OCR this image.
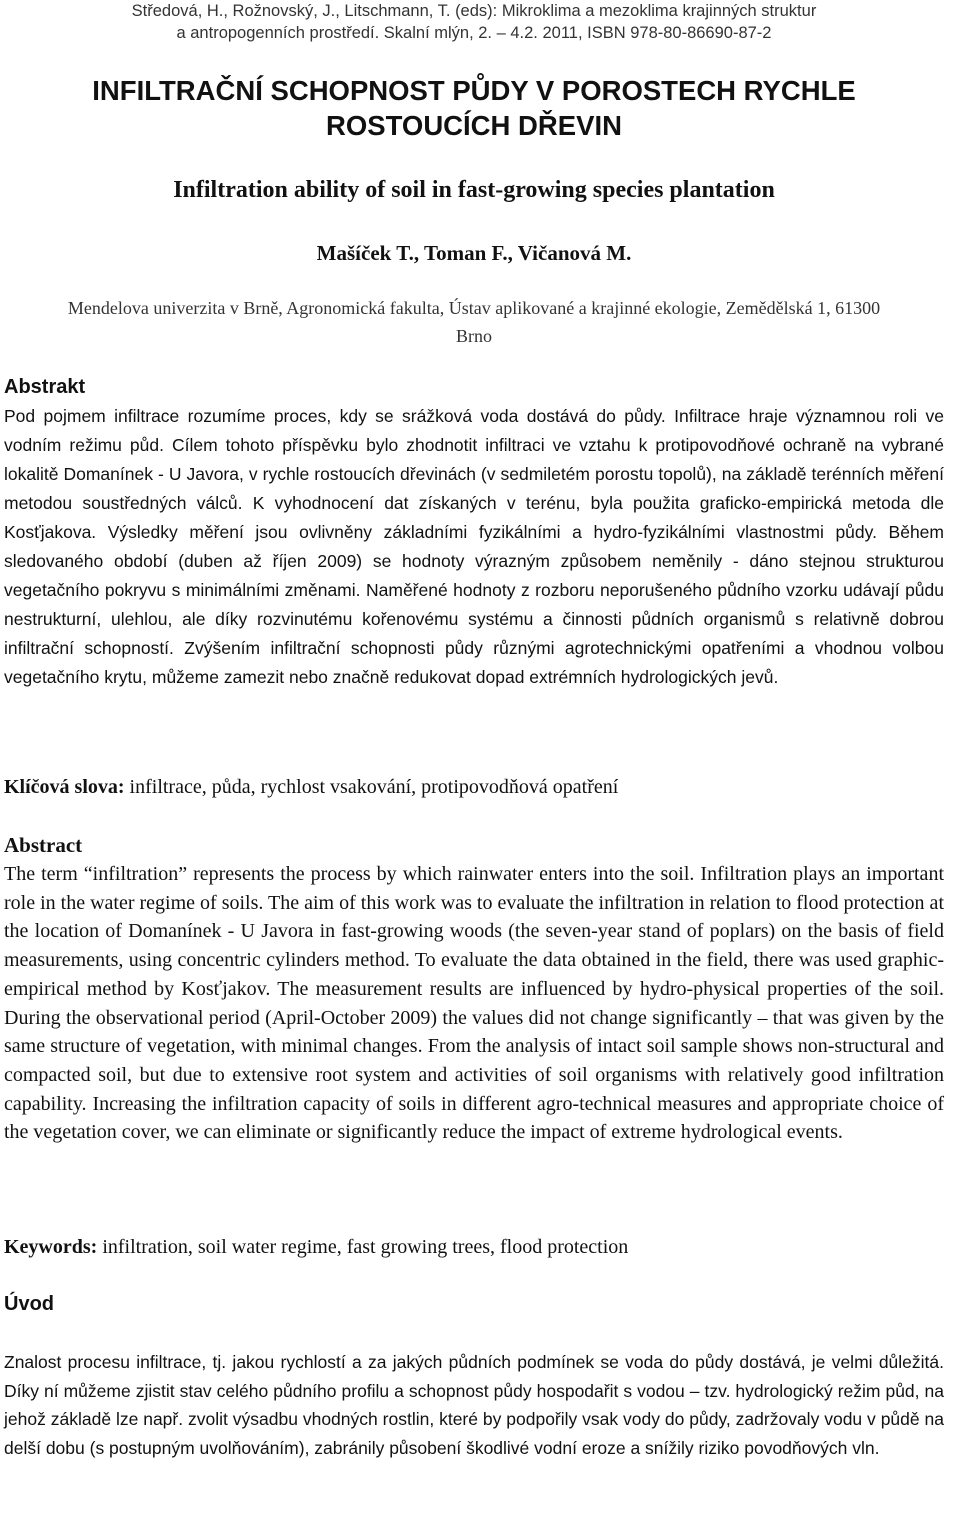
Středová, H., Rožnovský, J., Litschmann, T. (eds): Mikroklima a mezoklima krajinných struktur
a antropogenních prostředí. Skalní mlýn, 2. – 4.2. 2011, ISBN 978-80-86690-87-2
INFILTRAČNÍ SCHOPNOST PŮDY V POROSTECH RYCHLE
ROSTOUCÍCH DŘEVIN
Infiltration ability of soil in fast-growing species plantation
Mašíček T., Toman F., Vičanová M.
Mendelova univerzita v Brně, Agronomická fakulta, Ústav aplikované a krajinné ekologie, Zemědělská 1, 61300
Brno
Abstrakt
Pod pojmem infiltrace rozumíme proces, kdy se srážková voda dostává do půdy. Infiltrace hraje významnou roli ve vodním režimu půd. Cílem tohoto příspěvku bylo zhodnotit infiltraci ve vztahu k protipovodňové ochraně na vybrané lokalitě Domanínek - U Javora, v rychle rostoucích dřevinách (v sedmiletém porostu topolů), na základě terénních měření metodou soustředných válců. K vyhodnocení dat získaných v terénu, byla použita graficko-empirická metoda dle Kosťjakova. Výsledky měření jsou ovlivněny základními fyzikálními a hydro-fyzikálními vlastnostmi půdy. Během sledovaného období (duben až říjen 2009) se hodnoty výrazným způsobem neměnily - dáno stejnou strukturou vegetačního pokryvu s minimálními změnami. Naměřené hodnoty z rozboru neporušeného půdního vzorku udávají půdu nestrukturní, ulehlou, ale díky rozvinutému kořenovému systému a činnosti půdních organismů s relativně dobrou infiltrační schopností. Zvýšením infiltrační schopnosti půdy různými agrotechnickými opatřeními a vhodnou volbou vegetačního krytu, můžeme zamezit nebo značně redukovat dopad extrémních hydrologických jevů.
Klíčová slova: infiltrace, půda, rychlost vsakování, protipovodňová opatření
Abstract
The term “infiltration” represents the process by which rainwater enters into the soil. Infiltration plays an important role in the water regime of soils. The aim of this work was to evaluate the infiltration in relation to flood protection at the location of Domanínek - U Javora in fast-growing woods (the seven-year stand of poplars) on the basis of field measurements, using concentric cylinders method. To evaluate the data obtained in the field, there was used graphic-empirical method by Kosťjakov. The measurement results are influenced by hydro-physical properties of the soil. During the observational period (April-October 2009) the values did not change significantly – that was given by the same structure of vegetation, with minimal changes. From the analysis of intact soil sample shows non-structural and compacted soil, but due to extensive root system and activities of soil organisms with relatively good infiltration capability. Increasing the infiltration capacity of soils in different agro-technical measures and appropriate choice of the vegetation cover, we can eliminate or significantly reduce the impact of extreme hydrological events.
Keywords: infiltration, soil water regime, fast growing trees, flood protection
Úvod
Znalost procesu infiltrace, tj. jakou rychlostí a za jakých půdních podmínek se voda do půdy dostává, je velmi důležitá. Díky ní můžeme zjistit stav celého půdního profilu a schopnost půdy hospodařit s vodou – tzv. hydrologický režim půd, na jehož základě lze např. zvolit výsadbu vhodných rostlin, které by podpořily vsak vody do půdy, zadržovaly vodu v půdě na delší dobu (s postupným uvolňováním), zabránily působení škodlivé vodní eroze a snížily riziko povodňových vln.
